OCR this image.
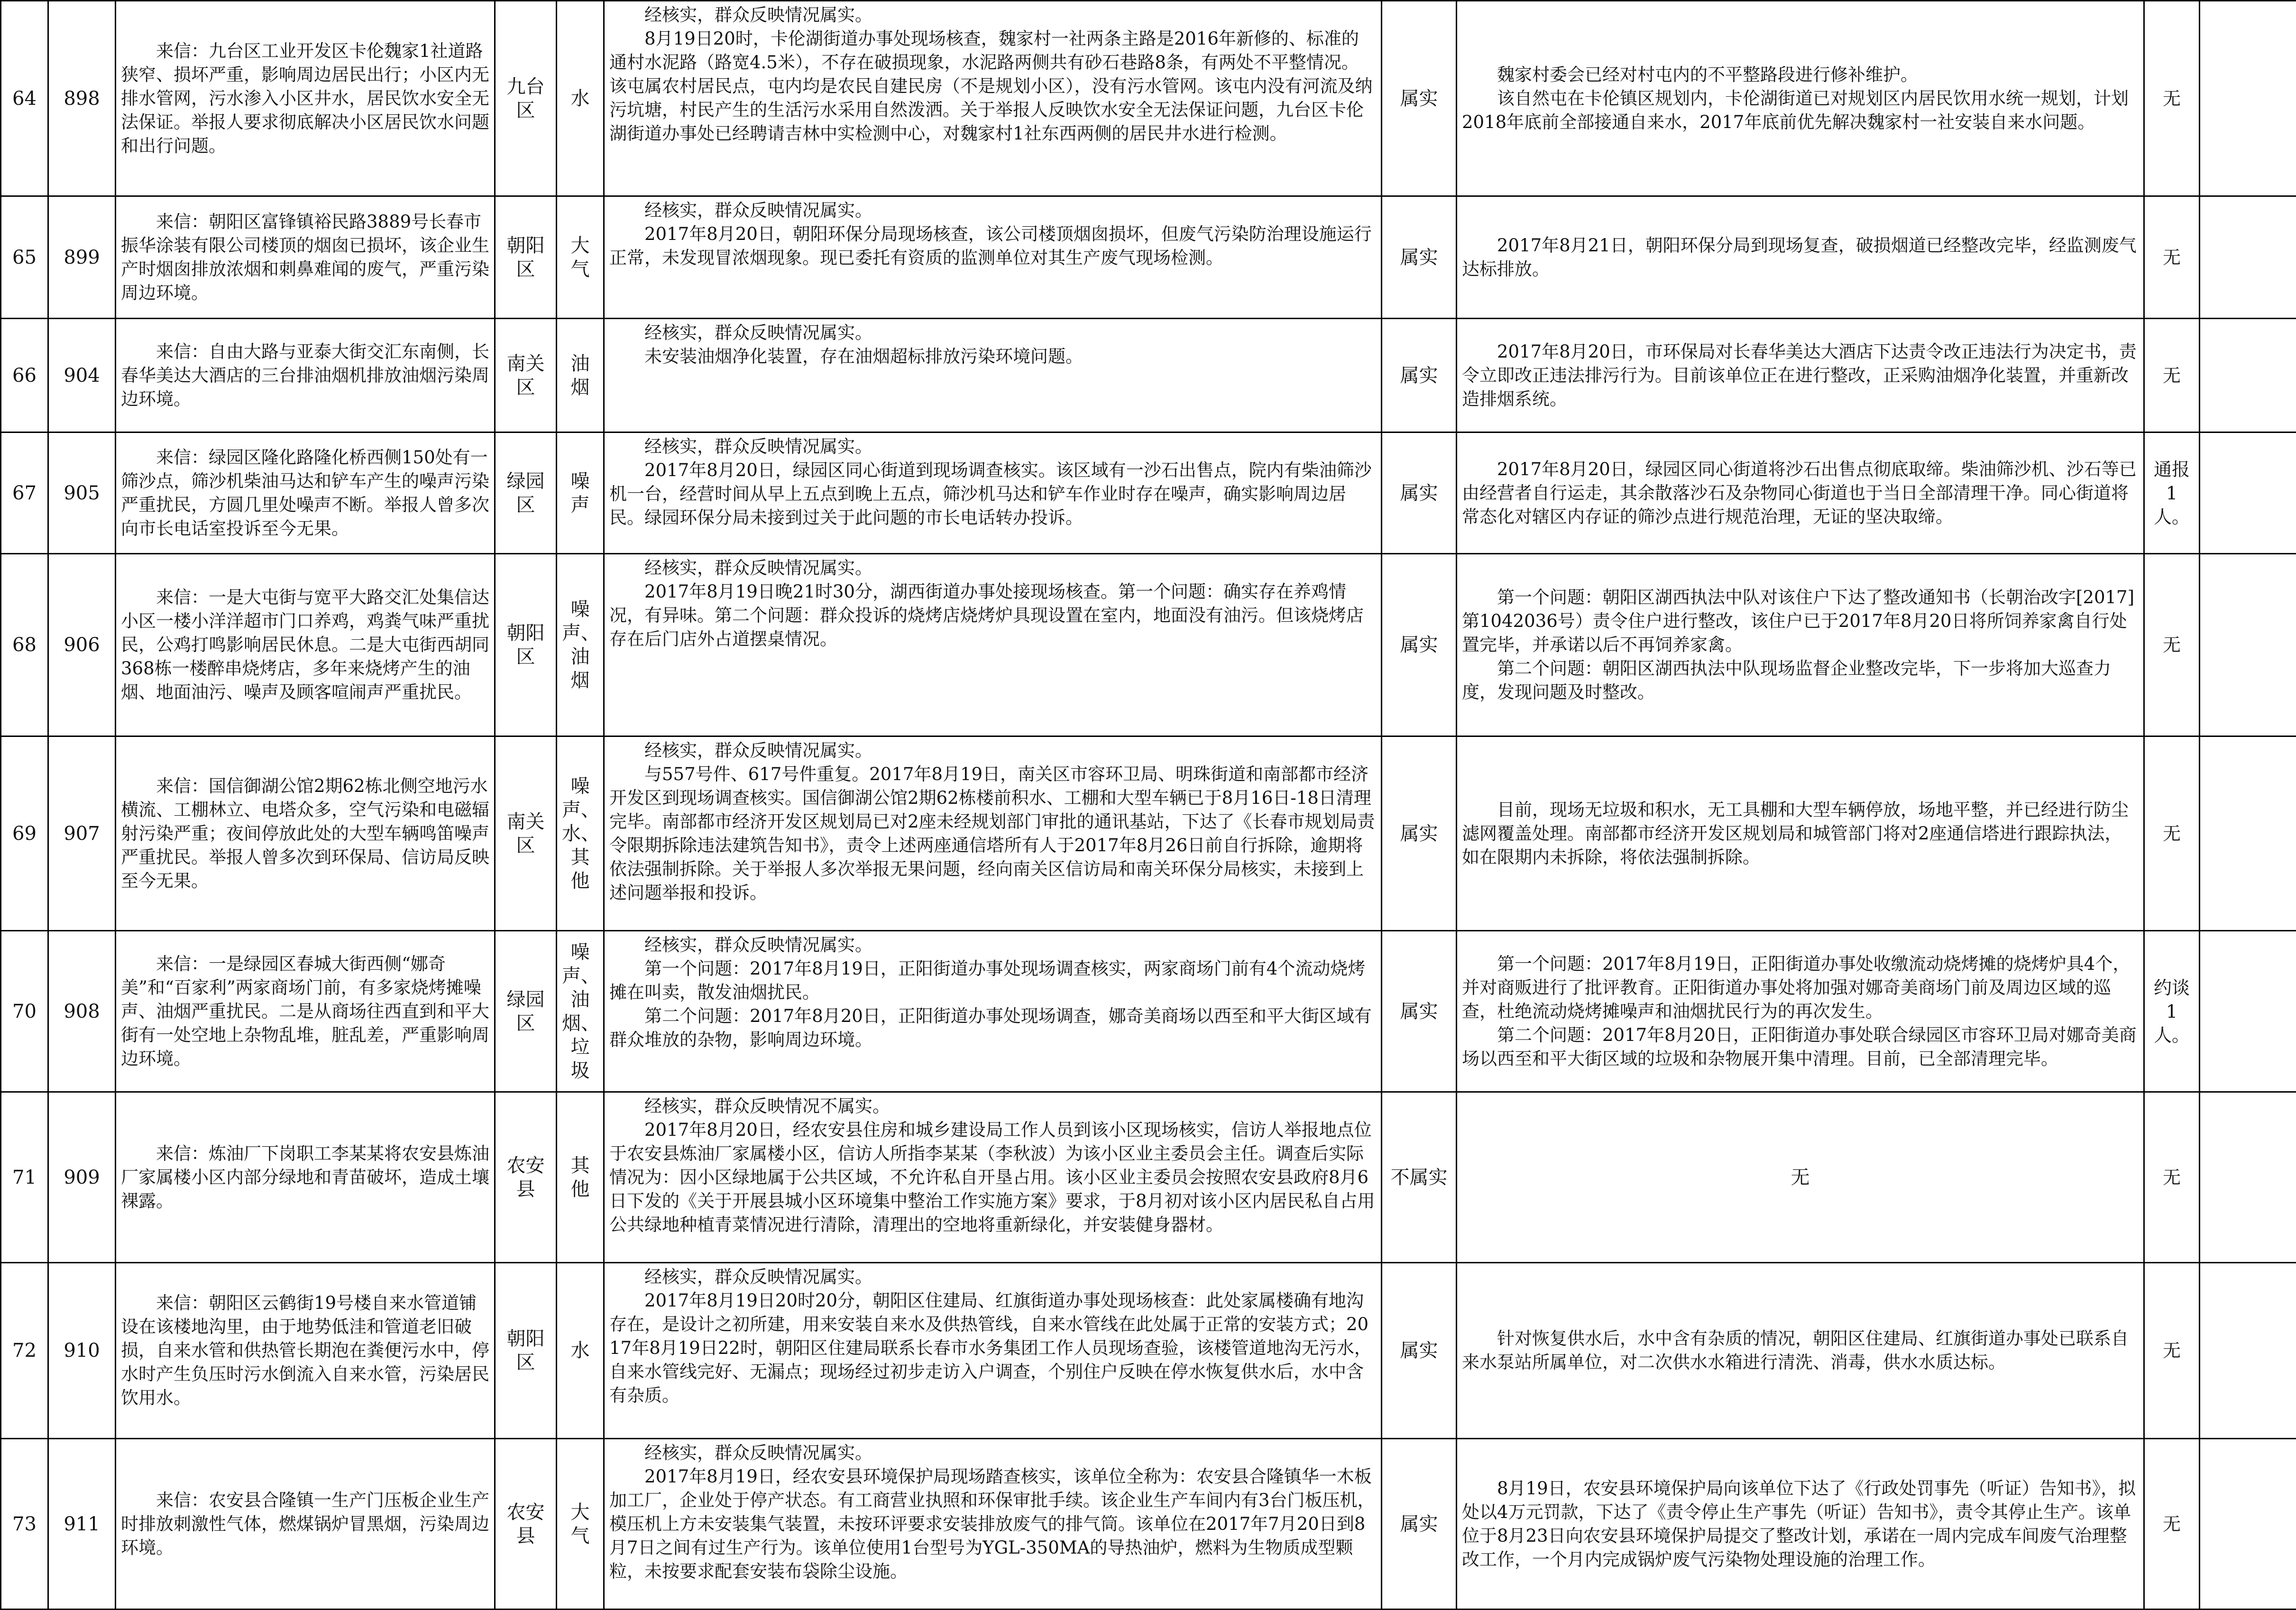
64	898	来信：九台区工业开发区卡伦魏家1社道路狭窄、损坏严重，影响周边居民出行；小区内无排水管网，污水渗入小区井水，居民饮水安全无法保证。举报人要求彻底解决小区居民饮水问题和出行问题。	九台区	水	经核实，群众反映情况属实。
8月19日20时，卡伦湖街道办事处现场核查，魏家村一社两条主路是2016年新修的、标准的通村水泥路（路宽4.5米），不存在破损现象，水泥路两侧共有砂石巷路8条，有两处不平整情况。该屯属农村居民点，屯内均是农民自建民房（不是规划小区），没有污水管网。该屯内没有河流及纳污坑塘，村民产生的生活污水采用自然泼洒。关于举报人反映饮水安全无法保证问题，九台区卡伦湖街道办事处已经聘请吉林中实检测中心，对魏家村1社东西两侧的居民井水进行检测。	属实	魏家村委会已经对村屯内的不平整路段进行修补维护。
该自然屯在卡伦镇区规划内，卡伦湖街道已对规划区内居民饮用水统一规划，计划2018年底前全部接通自来水，2017年底前优先解决魏家村一社安装自来水问题。	无	
65	899	来信：朝阳区富锋镇裕民路3889号长春市振华涂装有限公司楼顶的烟囱已损坏，该企业生产时烟囱排放浓烟和刺鼻难闻的废气，严重污染周边环境。	朝阳区	大气	经核实，群众反映情况属实。
2017年8月20日，朝阳环保分局现场核查，该公司楼顶烟囱损坏，但废气污染防治理设施运行正常，未发现冒浓烟现象。现已委托有资质的监测单位对其生产废气现场检测。	属实	2017年8月21日，朝阳环保分局到现场复查，破损烟道已经整改完毕，经监测废气达标排放。	无	
66	904	来信：自由大路与亚泰大街交汇东南侧，长春华美达大酒店的三台排油烟机排放油烟污染周边环境。	南关区	油烟	经核实，群众反映情况属实。
未安装油烟净化装置，存在油烟超标排放污染环境问题。	属实	2017年8月20日，市环保局对长春华美达大酒店下达责令改正违法行为决定书，责令立即改正违法排污行为。目前该单位正在进行整改，正采购油烟净化装置，并重新改造排烟系统。	无	
67	905	来信：绿园区隆化路隆化桥西侧150处有一筛沙点，筛沙机柴油马达和铲车产生的噪声污染严重扰民，方圆几里处噪声不断。举报人曾多次向市长电话室投诉至今无果。	绿园区	噪声	经核实，群众反映情况属实。
2017年8月20日，绿园区同心街道到现场调查核实。该区域有一沙石出售点，院内有柴油筛沙机一台，经营时间从早上五点到晚上五点，筛沙机马达和铲车作业时存在噪声，确实影响周边居民。绿园环保分局未接到过关于此问题的市长电话转办投诉。	属实	2017年8月20日，绿园区同心街道将沙石出售点彻底取缔。柴油筛沙机、沙石等已由经营者自行运走，其余散落沙石及杂物同心街道也于当日全部清理干净。同心街道将常态化对辖区内存证的筛沙点进行规范治理，无证的坚决取缔。	通报1人。	
68	906	来信：一是大屯街与宽平大路交汇处集信达小区一楼小洋洋超市门口养鸡，鸡粪气味严重扰民，公鸡打鸣影响居民休息。二是大屯街西胡同368栋一楼醉串烧烤店，多年来烧烤产生的油烟、地面油污、噪声及顾客喧闹声严重扰民。	朝阳区	噪声、油烟	经核实，群众反映情况属实。
2017年8月19日晚21时30分，湖西街道办事处接现场核查。第一个问题：确实存在养鸡情况，有异味。第二个问题：群众投诉的烧烤店烧烤炉具现设置在室内，地面没有油污。但该烧烤店存在后门店外占道摆桌情况。	属实	第一个问题：朝阳区湖西执法中队对该住户下达了整改通知书（长朝治改字[2017]第1042036号）责令住户进行整改，该住户已于2017年8月20日将所饲养家禽自行处置完毕，并承诺以后不再饲养家禽。
第二个问题：朝阳区湖西执法中队现场监督企业整改完毕，下一步将加大巡查力度，发现问题及时整改。	无	
69	907	来信：国信御湖公馆2期62栋北侧空地污水横流、工棚林立、电塔众多，空气污染和电磁辐射污染严重；夜间停放此处的大型车辆鸣笛噪声严重扰民。举报人曾多次到环保局、信访局反映至今无果。	南关区	噪声、水、其他	经核实，群众反映情况属实。
与557号件、617号件重复。2017年8月19日，南关区市容环卫局、明珠街道和南部都市经济开发区到现场调查核实。国信御湖公馆2期62栋楼前积水、工棚和大型车辆已于8月16日-18日清理完毕。南部都市经济开发区规划局已对2座未经规划部门审批的通讯基站，下达了《长春市规划局责令限期拆除违法建筑告知书》，责令上述两座通信塔所有人于2017年8月26日前自行拆除，逾期将依法强制拆除。关于举报人多次举报无果问题，经向南关区信访局和南关环保分局核实，未接到上述问题举报和投诉。	属实	目前，现场无垃圾和积水，无工具棚和大型车辆停放，场地平整，并已经进行防尘滤网覆盖处理。南部都市经济开发区规划局和城管部门将对2座通信塔进行跟踪执法，如在限期内未拆除，将依法强制拆除。	无	
70	908	来信：一是绿园区春城大街西侧“娜奇美”和“百家利”两家商场门前，有多家烧烤摊噪声、油烟严重扰民。二是从商场往西直到和平大街有一处空地上杂物乱堆，脏乱差，严重影响周边环境。	绿园区	噪声、油烟、垃圾	经核实，群众反映情况属实。
第一个问题：2017年8月19日，正阳街道办事处现场调查核实，两家商场门前有4个流动烧烤摊在叫卖，散发油烟扰民。
第二个问题：2017年8月20日，正阳街道办事处现场调查，娜奇美商场以西至和平大街区域有群众堆放的杂物，影响周边环境。	属实	第一个问题：2017年8月19日，正阳街道办事处收缴流动烧烤摊的烧烤炉具4个，并对商贩进行了批评教育。正阳街道办事处将加强对娜奇美商场门前及周边区域的巡查，杜绝流动烧烤摊噪声和油烟扰民行为的再次发生。
第二个问题：2017年8月20日，正阳街道办事处联合绿园区市容环卫局对娜奇美商场以西至和平大街区域的垃圾和杂物展开集中清理。目前，已全部清理完毕。	约谈1人。	
71	909	来信：炼油厂下岗职工李某某将农安县炼油厂家属楼小区内部分绿地和青苗破坏，造成土壤裸露。	农安县	其他	经核实，群众反映情况不属实。
2017年8月20日，经农安县住房和城乡建设局工作人员到该小区现场核实，信访人举报地点位于农安县炼油厂家属楼小区，信访人所指李某某（李秋波）为该小区业主委员会主任。调查后实际情况为：因小区绿地属于公共区域，不允许私自开垦占用。该小区业主委员会按照农安县政府8月6日下发的《关于开展县城小区环境集中整治工作实施方案》要求，于8月初对该小区内居民私自占用公共绿地种植青菜情况进行清除，清理出的空地将重新绿化，并安装健身器材。	不属实	无	无	
72	910	来信：朝阳区云鹤街19号楼自来水管道铺设在该楼地沟里，由于地势低洼和管道老旧破损，自来水管和供热管长期泡在粪便污水中，停水时产生负压时污水倒流入自来水管，污染居民饮用水。	朝阳区	水	经核实，群众反映情况属实。
2017年8月19日20时20分，朝阳区住建局、红旗街道办事处现场核查：此处家属楼确有地沟存在，是设计之初所建，用来安装自来水及供热管线，自来水管线在此处属于正常的安装方式；2017年8月19日22时，朝阳区住建局联系长春市水务集团工作人员现场查验，该楼管道地沟无污水，自来水管线完好、无漏点；现场经过初步走访入户调查，个别住户反映在停水恢复供水后，水中含有杂质。	属实	针对恢复供水后，水中含有杂质的情况，朝阳区住建局、红旗街道办事处已联系自来水泵站所属单位，对二次供水水箱进行清洗、消毒，供水水质达标。	无	
73	911	来信：农安县合隆镇一生产门压板企业生产时排放刺激性气体，燃煤锅炉冒黑烟，污染周边环境。	农安县	大气	经核实，群众反映情况属实。
2017年8月19日，经农安县环境保护局现场踏查核实，该单位全称为：农安县合隆镇华一木板加工厂，企业处于停产状态。有工商营业执照和环保审批手续。该企业生产车间内有3台门板压机，模压机上方未安装集气装置，未按环评要求安装排放废气的排气筒。该单位在2017年7月20日到8月7日之间有过生产行为。该单位使用1台型号为YGL-350MA的导热油炉，燃料为生物质成型颗粒，未按要求配套安装布袋除尘设施。	属实	8月19日，农安县环境保护局向该单位下达了《行政处罚事先（听证）告知书》，拟处以4万元罚款，下达了《责令停止生产事先（听证）告知书》，责令其停止生产。该单位于8月23日向农安县环境保护局提交了整改计划，承诺在一周内完成车间废气治理整改工作，一个月内完成锅炉废气污染物处理设施的治理工作。	无	
